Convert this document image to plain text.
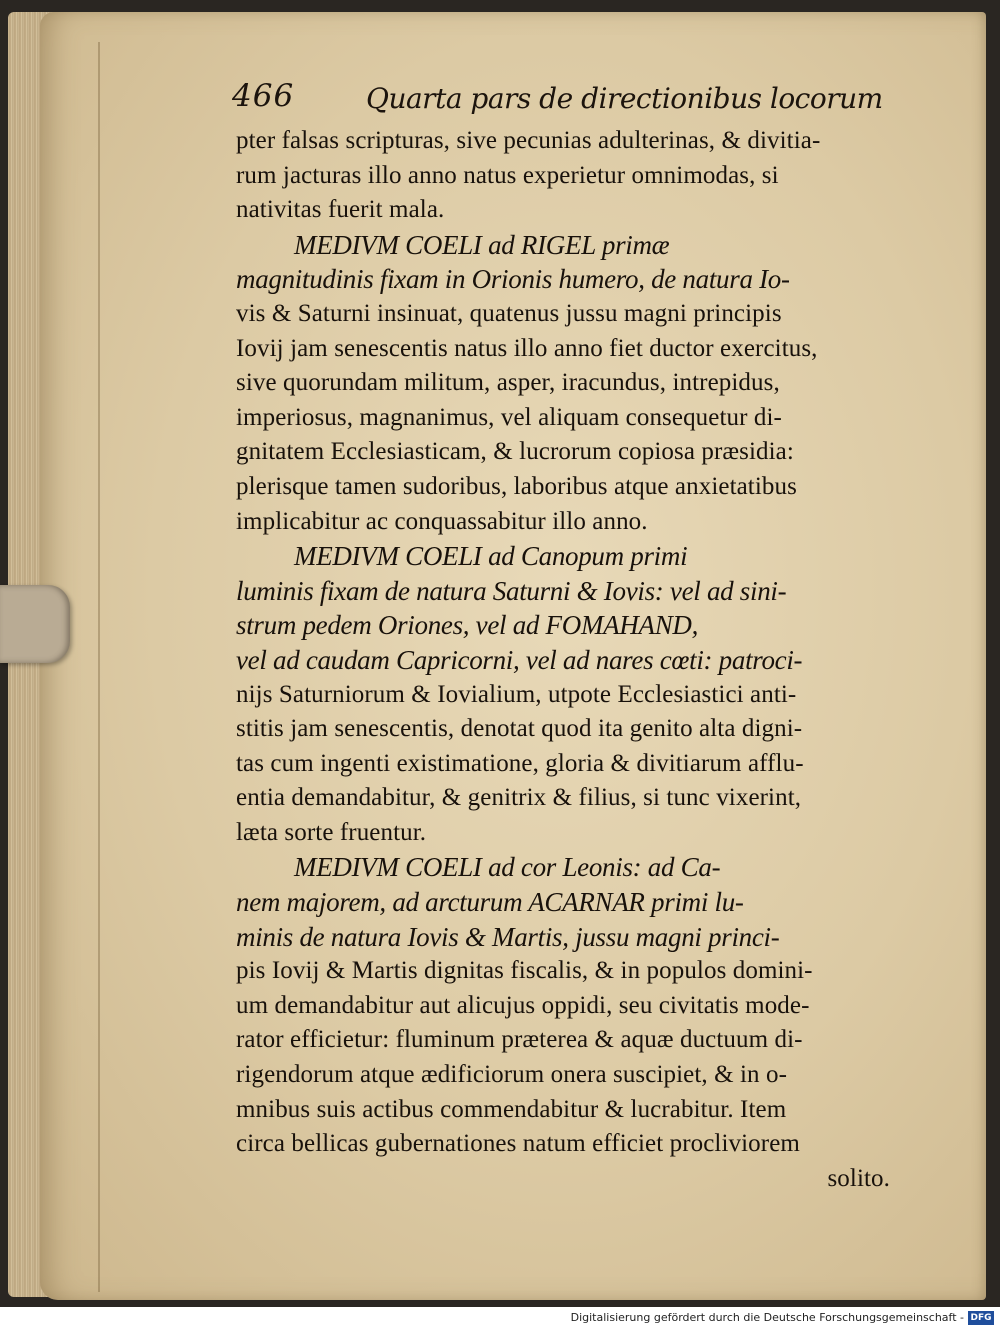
466	Quarta pars de directionibus locorum
pter falsas scripturas, sive pecunias adulterinas, & divitia-
rum jacturas illo anno natus experietur omnimodas, si
nativitas fuerit mala.
MEDIVM COELI ad RIGEL primæ
magnitudinis fixam in Orionis humero, de natura Io-
vis & Saturni insinuat, quatenus jussu magni principis
Iovij jam senescentis natus illo anno fiet ductor exercitus,
sive quorundam militum, asper, iracundus, intrepidus,
imperiosus, magnanimus, vel aliquam consequetur di-
gnitatem Ecclesiasticam, & lucrorum copiosa præsidia:
plerisque tamen sudoribus, laboribus atque anxietatibus
implicabitur ac conquassabitur illo anno.
MEDIVM COELI ad Canopum primi
luminis fixam de natura Saturni & Iovis: vel ad sini-
strum pedem Oriones, vel ad FOMAHAND,
vel ad caudam Capricorni, vel ad nares cœti: patroci-
nijs Saturniorum & Iovialium, utpote Ecclesiastici anti-
stitis jam senescentis, denotat quod ita genito alta digni-
tas cum ingenti existimatione, gloria & divitiarum afflu-
entia demandabitur, & genitrix & filius, si tunc vixerint,
læta sorte fruentur.
MEDIVM COELI ad cor Leonis: ad Ca-
nem majorem, ad arcturum ACARNAR primi lu-
minis de natura Iovis & Martis, jussu magni princi-
pis Iovij & Martis dignitas fiscalis, & in populos domini-
um demandabitur aut alicujus oppidi, seu civitatis mode-
rator efficietur: fluminum præterea & aquæ ductuum di-
rigendorum atque ædificiorum onera suscipiet, & in o-
mnibus suis actibus commendabitur & lucrabitur. Item
circa bellicas gubernationes natum efficiet procliviorem
solito.
Digitalisierung gefördert durch die Deutsche Forschungsgemeinschaft - DFG
